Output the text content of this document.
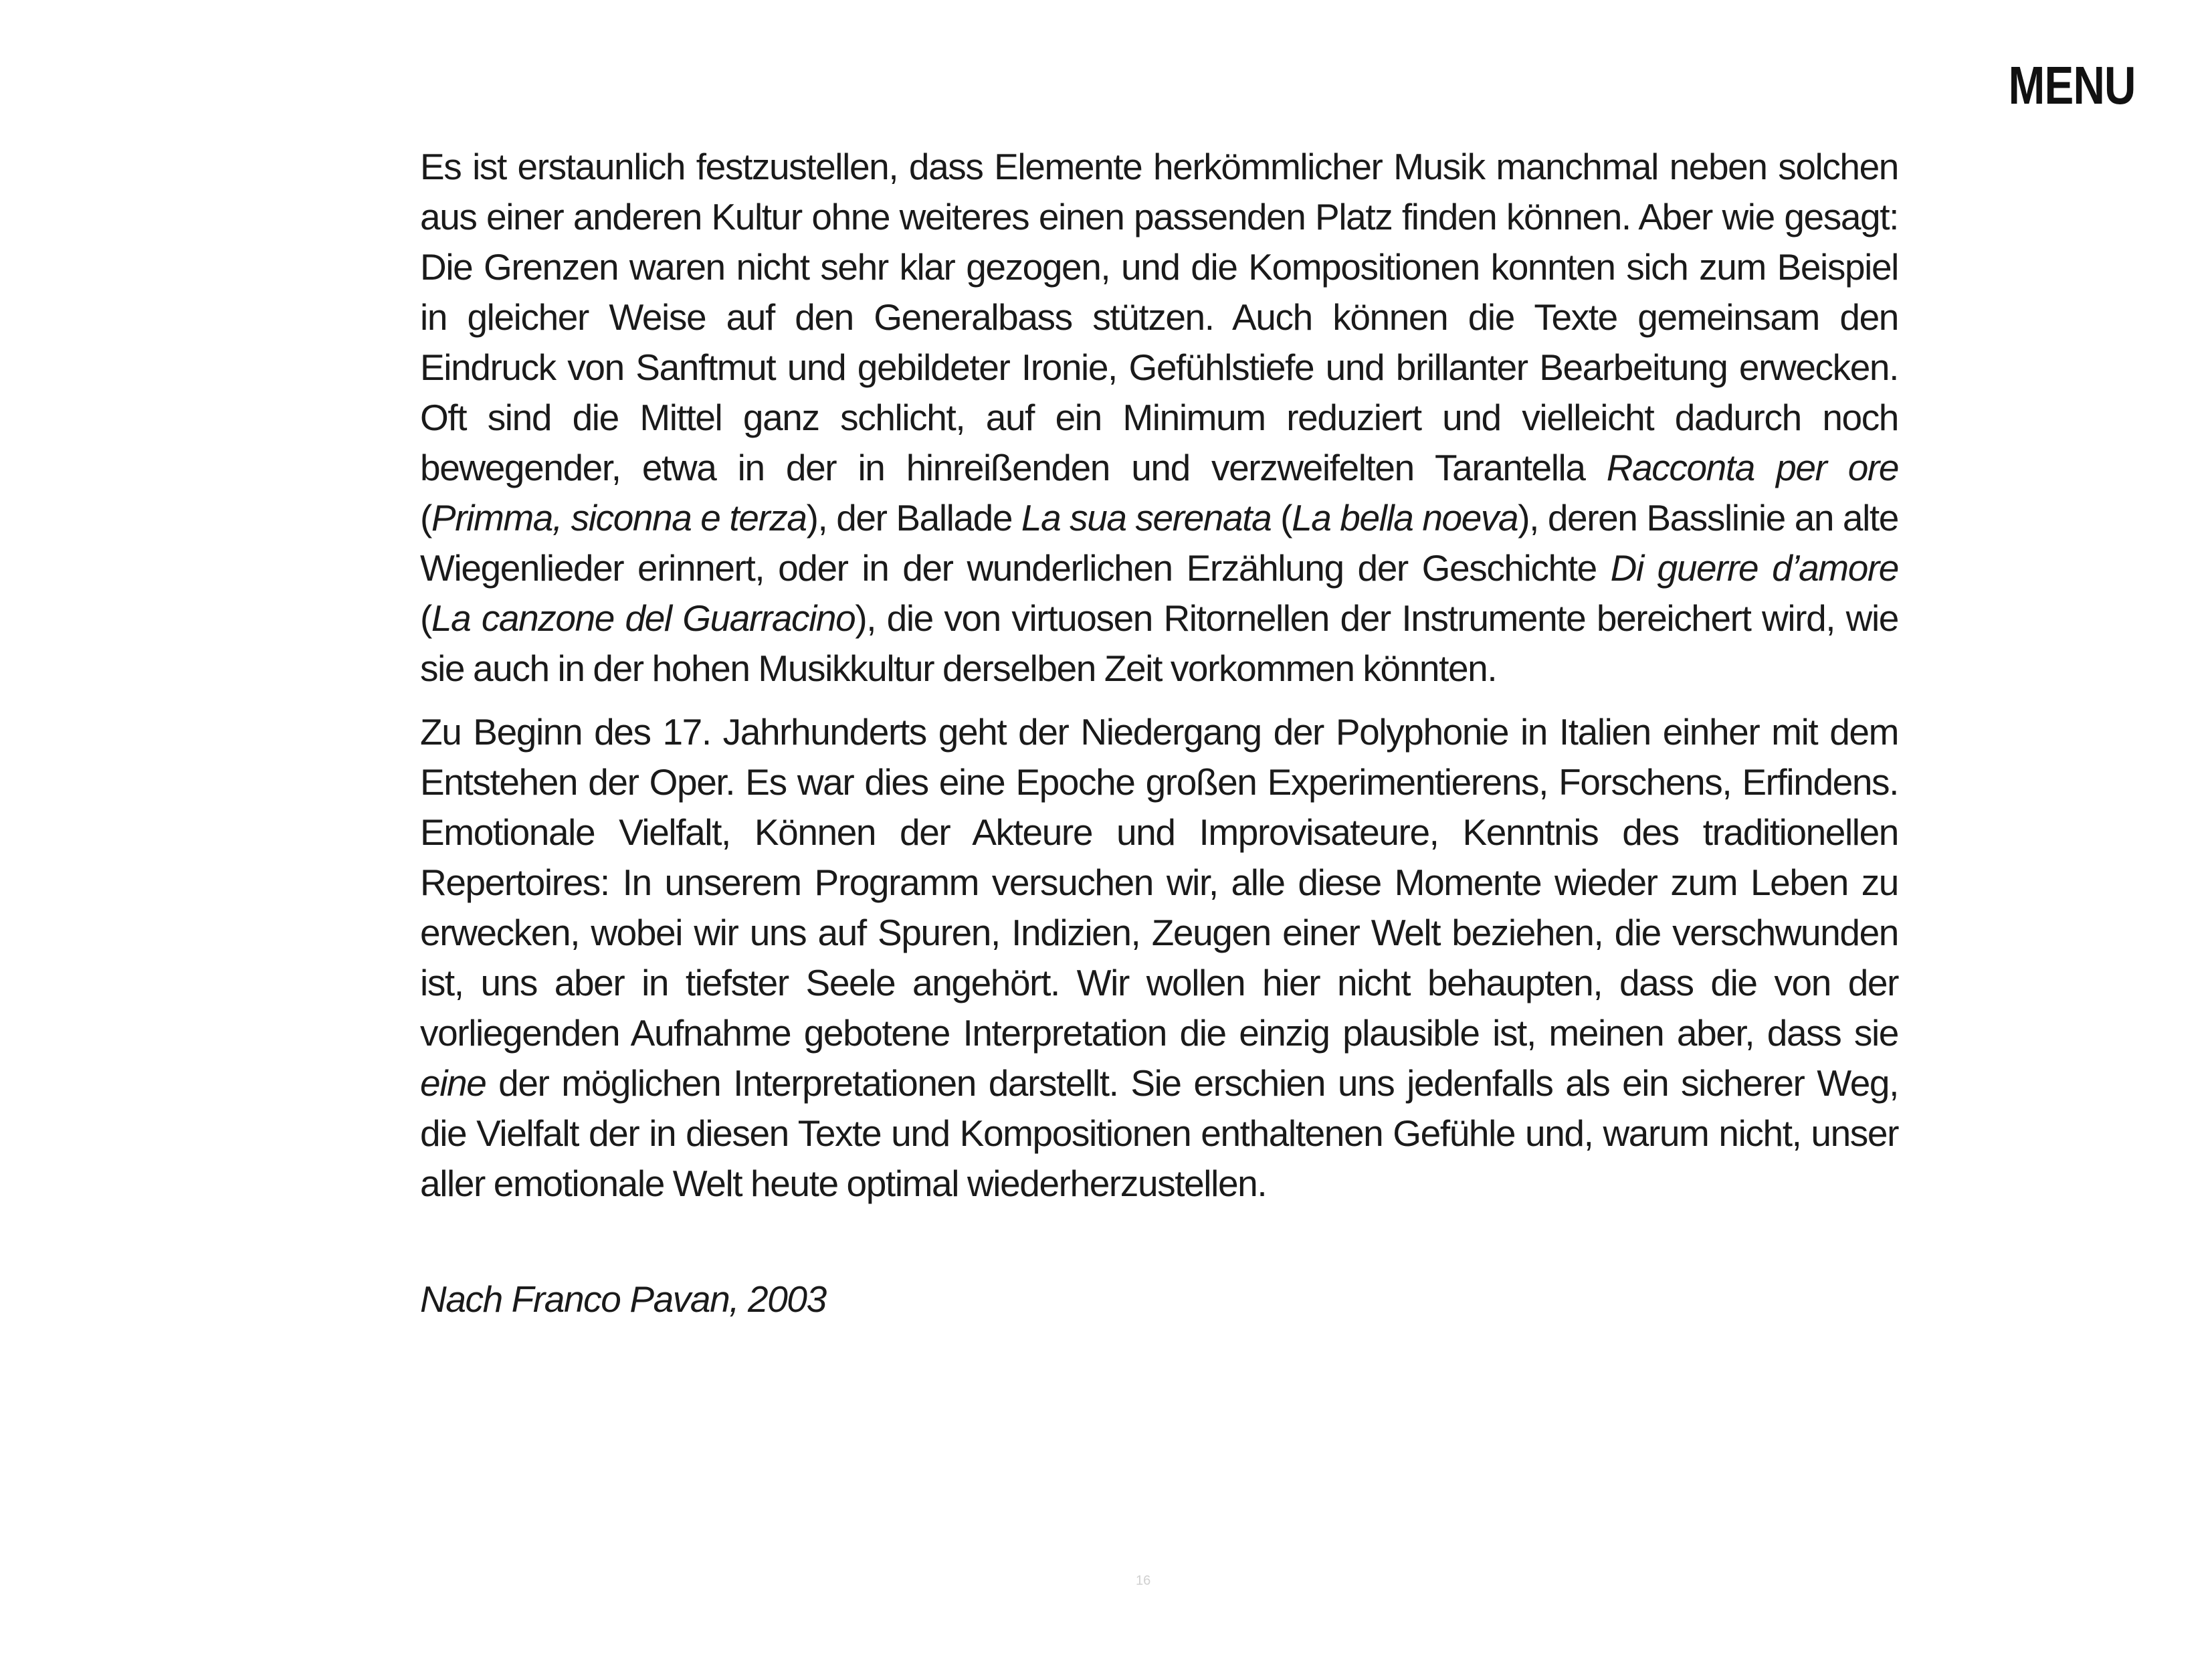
MENU

Es ist erstaunlich festzustellen, dass Elemente herkömmlicher Musik manchmal neben solchen aus einer anderen Kultur ohne weiteres einen passenden Platz finden können. Aber wie gesagt: Die Grenzen waren nicht sehr klar gezogen, und die Kompositionen konnten sich zum Beispiel in gleicher Weise auf den Generalbass stützen. Auch können die Texte gemeinsam den Eindruck von Sanftmut und gebildeter Ironie, Gefühlstiefe und brillanter Bearbeitung erwecken. Oft sind die Mittel ganz schlicht, auf ein Minimum reduziert und vielleicht dadurch noch bewegender, etwa in der in hinreißenden und verzweifelten Tarantella Racconta per ore (Primma, siconna e terza), der Ballade La sua serenata (La bella noeva), deren Basslinie an alte Wiegenlieder erinnert, oder in der wunderlichen Erzählung der Geschichte Di guerre d’amore (La canzone del Guarracino), die von virtuosen Ritornellen der Instrumente bereichert wird, wie sie auch in der hohen Musikkultur derselben Zeit vorkommen könnten.

Zu Beginn des 17. Jahrhunderts geht der Niedergang der Polyphonie in Italien einher mit dem Entstehen der Oper. Es war dies eine Epoche großen Experimentierens, Forschens, Erfindens. Emotionale Vielfalt, Können der Akteure und Improvisateure, Kenntnis des traditionellen Repertoires: In unserem Programm versuchen wir, alle diese Momente wieder zum Leben zu erwecken, wobei wir uns auf Spuren, Indizien, Zeugen einer Welt beziehen, die verschwunden ist, uns aber in tiefster Seele angehört. Wir wollen hier nicht behaupten, dass die von der vorliegenden Aufnahme gebotene Interpretation die einzig plausible ist, meinen aber, dass sie eine der möglichen Interpretationen darstellt. Sie erschien uns jedenfalls als ein sicherer Weg, die Vielfalt der in diesen Texte und Kompositionen enthaltenen Gefühle und, warum nicht, unser aller emotionale Welt heute optimal wiederherzustellen.

Nach Franco Pavan, 2003
16
